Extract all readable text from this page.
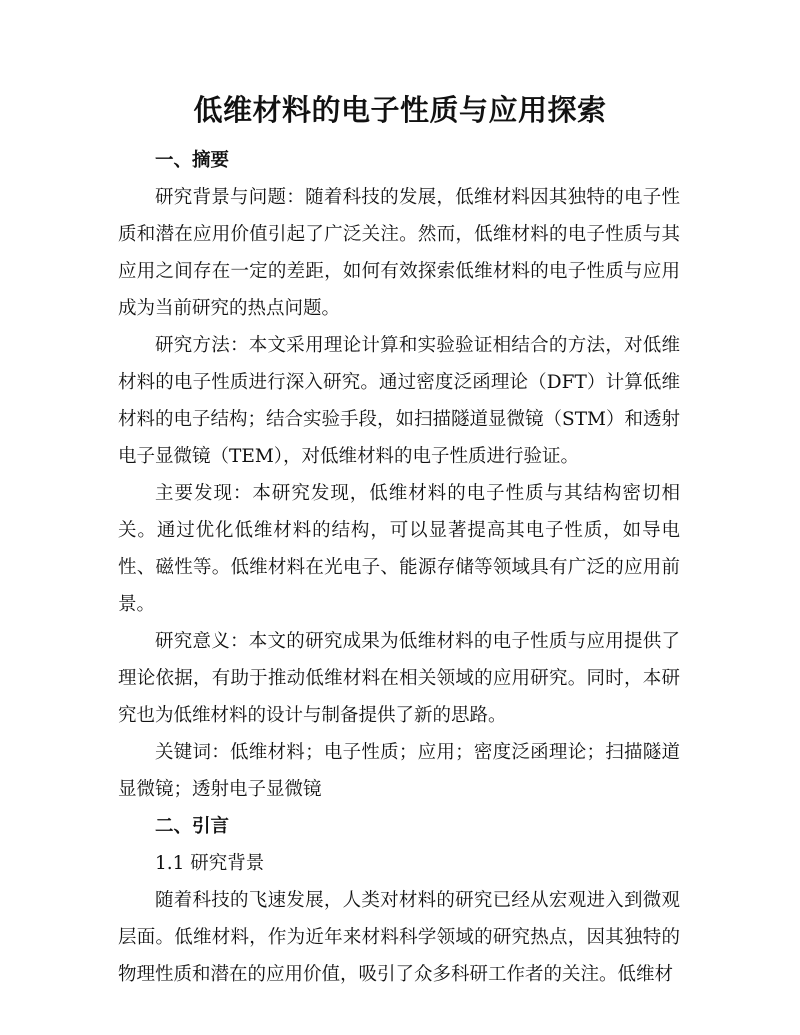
低维材料的电子性质与应用探索
一、摘要

研究背景与问题：随着科技的发展，低维材料因其独特的电子性质和潜在应用价值引起了广泛关注。然而，低维材料的电子性质与其应用之间存在一定的差距，如何有效探索低维材料的电子性质与应用成为当前研究的热点问题。

研究方法：本文采用理论计算和实验验证相结合的方法，对低维材料的电子性质进行深入研究。通过密度泛函理论（DFT）计算低维材料的电子结构；结合实验手段，如扫描隧道显微镜（STM）和透射电子显微镜（TEM），对低维材料的电子性质进行验证。

主要发现：本研究发现，低维材料的电子性质与其结构密切相关。通过优化低维材料的结构，可以显著提高其电子性质，如导电性、磁性等。低维材料在光电子、能源存储等领域具有广泛的应用前景。

研究意义：本文的研究成果为低维材料的电子性质与应用提供了理论依据，有助于推动低维材料在相关领域的应用研究。同时，本研究也为低维材料的设计与制备提供了新的思路。

关键词：低维材料；电子性质；应用；密度泛函理论；扫描隧道显微镜；透射电子显微镜

二、引言
1.1 研究背景

随着科技的飞速发展，人类对材料的研究已经从宏观进入到微观层面。低维材料，作为近年来材料科学领域的研究热点，因其独特的物理性质和潜在的应用价值，吸引了众多科研工作者的关注。低维材
